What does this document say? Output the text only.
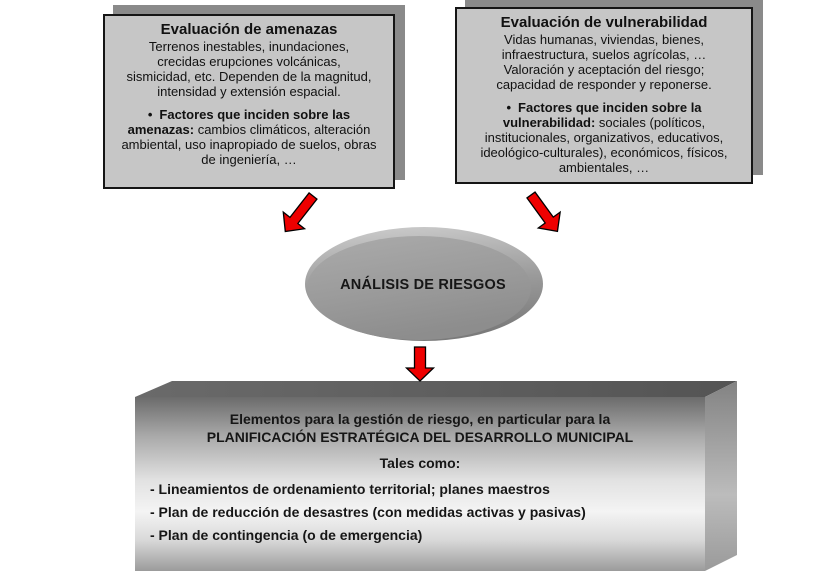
Evaluación de amenazas
Terrenos inestables, inundaciones,
crecidas erupciones volcánicas,
sismicidad, etc. Dependen de la magnitud,
intensidad y extensión espacial.
• Factores que inciden sobre las amenazas: cambios climáticos, alteración ambiental, uso inapropiado de suelos, obras de ingeniería, …
Evaluación de vulnerabilidad
Vidas humanas, viviendas, bienes,
infraestructura, suelos agrícolas, …
Valoración y aceptación del riesgo;
capacidad de responder y reponerse.
• Factores que inciden sobre la vulnerabilidad: sociales (políticos, institucionales, organizativos, educativos, ideológico-culturales), económicos, físicos, ambientales, …
ANÁLISIS DE RIESGOS
Elementos para la gestión de riesgo, en particular para la
PLANIFICACIÓN ESTRATÉGICA DEL DESARROLLO MUNICIPAL
Tales como:
- Lineamientos de ordenamiento territorial; planes maestros
- Plan de reducción de desastres (con medidas activas y pasivas)
- Plan de contingencia (o de emergencia)
